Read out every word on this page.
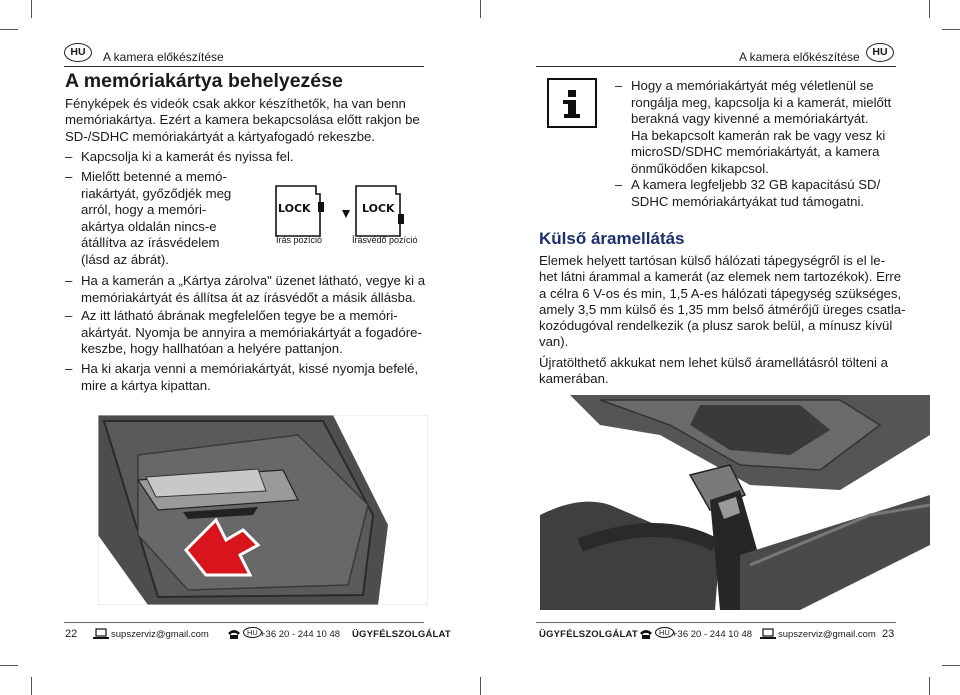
HU	A kamera előkészítése
A memóriakártya behelyezése
Fényképek és videók csak akkor készíthetők, ha van benn
memóriakártya. Ezért a kamera bekapcsolása előtt rakjon be
SD-/SDHC memóriakártyát a kártyafogadó rekeszbe.
– Kapcsolja ki a kamerát és nyissa fel.
– Mielőtt betenné a memó-
riakártyát, győződjék meg
arról, hogy a memóri-
akártya oldalán nincs-e
átállítva az írásvédelem
(lásd az ábrát).
LOCK
Írás pozíció
LOCK
Írásvédő pozíció
– Ha a kamerán a „Kártya zárolva" üzenet látható, vegye ki a
memóriakártyát és állítsa át az írásvédőt a másik állásba.
– Az itt látható ábrának megfelelően tegye be a memóri-
akártyát. Nyomja be annyira a memóriakártyát a fogadóre-
keszbe, hogy hallhatóan a helyére pattanjon.
– Ha ki akarja venni a memóriakártyát, kissé nyomja befelé,
mire a kártya kipattan.
22	supszerviz@gmail.com	HU +36 20 - 244 10 48 ÜGYFÉLSZOLGÁLAT
A kamera előkészítése	HU
– Hogy a memóriakártyát még véletlenül se
rongálja meg, kapcsolja ki a kamerát, mielőtt
berakná vagy kivenné a memóriakártyát.
Ha bekapcsolt kamerán rak be vagy vesz ki
microSD/SDHC memóriakártyát, a kamera
önműködően kikapcsol.
– A kamera legfeljebb 32 GB kapacitású SD/
SDHC memóriakártyákat tud támogatni.
Külső áramellátás
Elemek helyett tartósan külső hálózati tápegységről is el le-
het látni árammal a kamerát (az elemek nem tartozékok). Erre
a célra 6 V-os és min, 1,5 A-es hálózati tápegység szükséges,
amely 3,5 mm külső és 1,35 mm belső átmérőjű üreges csatla-
kozódugóval rendelkezik (a plusz sarok belül, a mínusz kívül
van).
Újratölthető akkukat nem lehet külső áramellátásról tölteni a
kamerában.
ÜGYFÉLSZOLGÁLAT	HU +36 20 - 244 10 48	supszerviz@gmail.com 23
